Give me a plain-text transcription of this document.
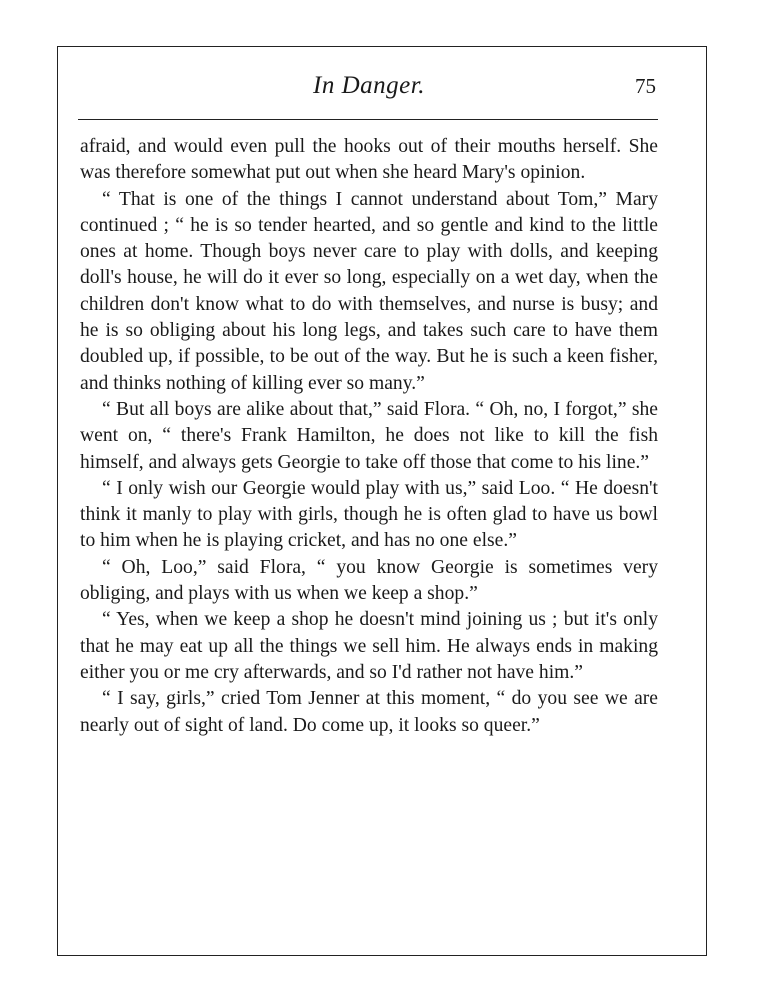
In Danger.	75

afraid, and would even pull the hooks out of their mouths herself. She was therefore somewhat put out when she heard Mary's opinion.

“ That is one of the things I cannot understand about Tom,” Mary continued ; “ he is so tender hearted, and so gentle and kind to the little ones at home. Though boys never care to play with dolls, and keeping doll's house, he will do it ever so long, especially on a wet day, when the children don't know what to do with themselves, and nurse is busy; and he is so obliging about his long legs, and takes such care to have them doubled up, if possible, to be out of the way. But he is such a keen fisher, and thinks nothing of killing ever so many.”

“ But all boys are alike about that,” said Flora. “ Oh, no, I forgot,” she went on, “ there's Frank Hamilton, he does not like to kill the fish himself, and always gets Georgie to take off those that come to his line.”

“ I only wish our Georgie would play with us,” said Loo. “ He doesn't think it manly to play with girls, though he is often glad to have us bowl to him when he is playing cricket, and has no one else.”

“ Oh, Loo,” said Flora, “ you know Georgie is sometimes very obliging, and plays with us when we keep a shop.”

“ Yes, when we keep a shop he doesn't mind joining us ; but it's only that he may eat up all the things we sell him. He always ends in making either you or me cry afterwards, and so I'd rather not have him.”

“ I say, girls,” cried Tom Jenner at this moment, “ do you see we are nearly out of sight of land. Do come up, it looks so queer.”
